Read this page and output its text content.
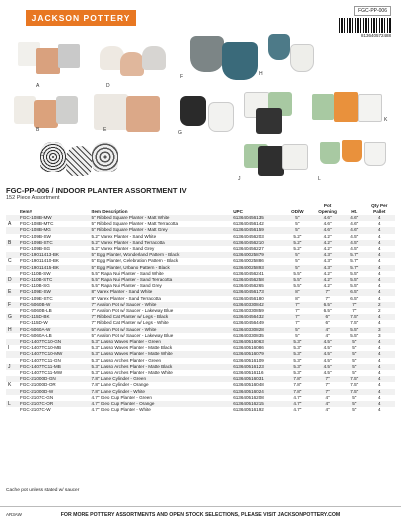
FGC-PP-006
813640572488
JACKSON POTTERY
A	D
F	H
B	E	G
I
K
C
J	L
FGC-PP-006 / INDOOR PLANTER ASSORTMENT IV
152 Piece Assortment
	Item#	Item Description	UPC	OD/W	Pot
Opening	Ht.	Qty Per
Pallet
	FGC-108B-MW	5" Ribbed Square Planter - Matt White	613640456135	5"	4.6"	4.6"	4
A	FGC-108B-MTC	5" Ribbed Square Planter - Matt Terracotta	613640456142	5"	4.6"	4.6"	4
	FGC-108B-MG	5" Ribbed Square Planter - Matt Grey	613640456159	5"	4.6"	4.6"	4
	FGC-109B-SW	5.2" Varex Planter - Sand White	613640456203	5.2"	4.2"	4.5"	4
B	FGC-109B-STC	5.2" Varex Planter - Sand Terracotta	613640456210	5.2"	4.2"	4.5"	4
	FGC-109B-SG	5.2" Varex Planter - Sand Grey	613640456227	5.2"	4.2"	4.5"	4
	FGC-19011413-BK	5" Egg Planter, Wonderland Pattern - Black	613640025879	5"	4.3"	5.7"	4
C	FGC-19011410-BK	5" Egg Planter, Celebration Pattern - Black	613640025886	5"	4.3"	5.7"	4
	FGC-19011415-BK	5" Egg Planter, Urbano Pattern - Black	613640025893	5"	4.3"	5.7"	4
	FGC-110B-SW	5.5" Rapa Nui Planter - Sand White	613640456241	5.5"	4.2"	5.5"	4
D	FGC-110B-STC	5.5" Rapa Nui Planter - Sand Terracotta	613640456258	5.5"	4.2"	5.5"	4
	FGC-110B-SG	5.5" Rapa Nui Planter - Sand Grey	613640456265	5.5"	4.2"	5.5"	4
E	FGC-109E-SW	8" Varex Planter - Sand White	613640456173	8"	7"	6.5"	4
	FGC-109E-STC	8" Varex Planter - Sand Terracotta	613640456180	8"	7"	6.5"	4
F	FGC-5060B-W	7" Avalon Pot w/ Saucer - White	613640330842	7"	6.5"	7"	2
	FGC-5060B-LB	7" Avalon Pot w/ Saucer - Lakeway Blue	613640330859	7"	6.5"	7"	2
G	FGC-115D-BK	7" Ribbed Cat Planter w/ Legs - Black	613640456432	7"	6"	7.5"	4
	FGC-115D-W	7" Ribbed Cat Planter w/ Legs - White	613640456449	7"	6"	7.5"	4
H	FGC-5060A-W	5" Avalon Pot w/ Saucer - White	613640330828	5"	4"	5.5"	3
	FGC-5060A-LB	5" Avalon Pot w/ Saucer - Lakeway Blue	613640330835	5"	4"	5.5"	3
	FGC-1407TC10-GN	5.3" Lasso Waves Planter - Green	613640516063	5.3"	4.5"	5"	4
I	FGC-1407TC10-MB	5.3" Lasso Waves Planter - Matte Black	613640516086	5.3"	4.5"	5"	4
	FGC-1407TC10-MW	5.3" Lasso Waves Planter - Matte White	613640516079	5.3"	4.5"	5"	4
	FGC-1407TC11-GN	5.3" Lasso Arches Planter - Green	613640516109	5.3"	4.5"	5"	4
J	FGC-1407TC11-MB	5.3" Lasso Arches Planter - Matte Black	613640516123	5.3"	4.5"	5"	4
	FGC-1407TC11-MW	5.3" Lasso Arches Planter - Matte White	613640516116	5.3"	4.5"	5"	4
	FGC-21000D-GN	7.8" Lane Cylinder - Green	613640516031	7.8"	7"	7.5"	4
K	FGC-21000D-OR	7.8" Lane Cylinder - Orange	613640516048	7.8"	7"	7.5"	4
	FGC-21000D-W	7.8" Lane Cylinder - White	613640516024	7.8"	7"	7.5"	4
	FGC-2107C-GN	4.7" Geo Cup Planter - Green	613640516208	4.7"	4"	5"	4
L	FGC-2107C-OR	4.7" Geo Cup Planter - Orange	613640516215	4.7"	4"	5"	4
	FGC-2107C-W	4.7" Geo Cup Planter - White	613640516192	4.7"	4"	5"	4
Cache pot unless stated w/ saucer
AR3AW	FOR MORE POTTERY ASSORTMENTS AND OPEN STOCK SELECTIONS, PLEASE VISIT JACKSONPOTTERY.COM
